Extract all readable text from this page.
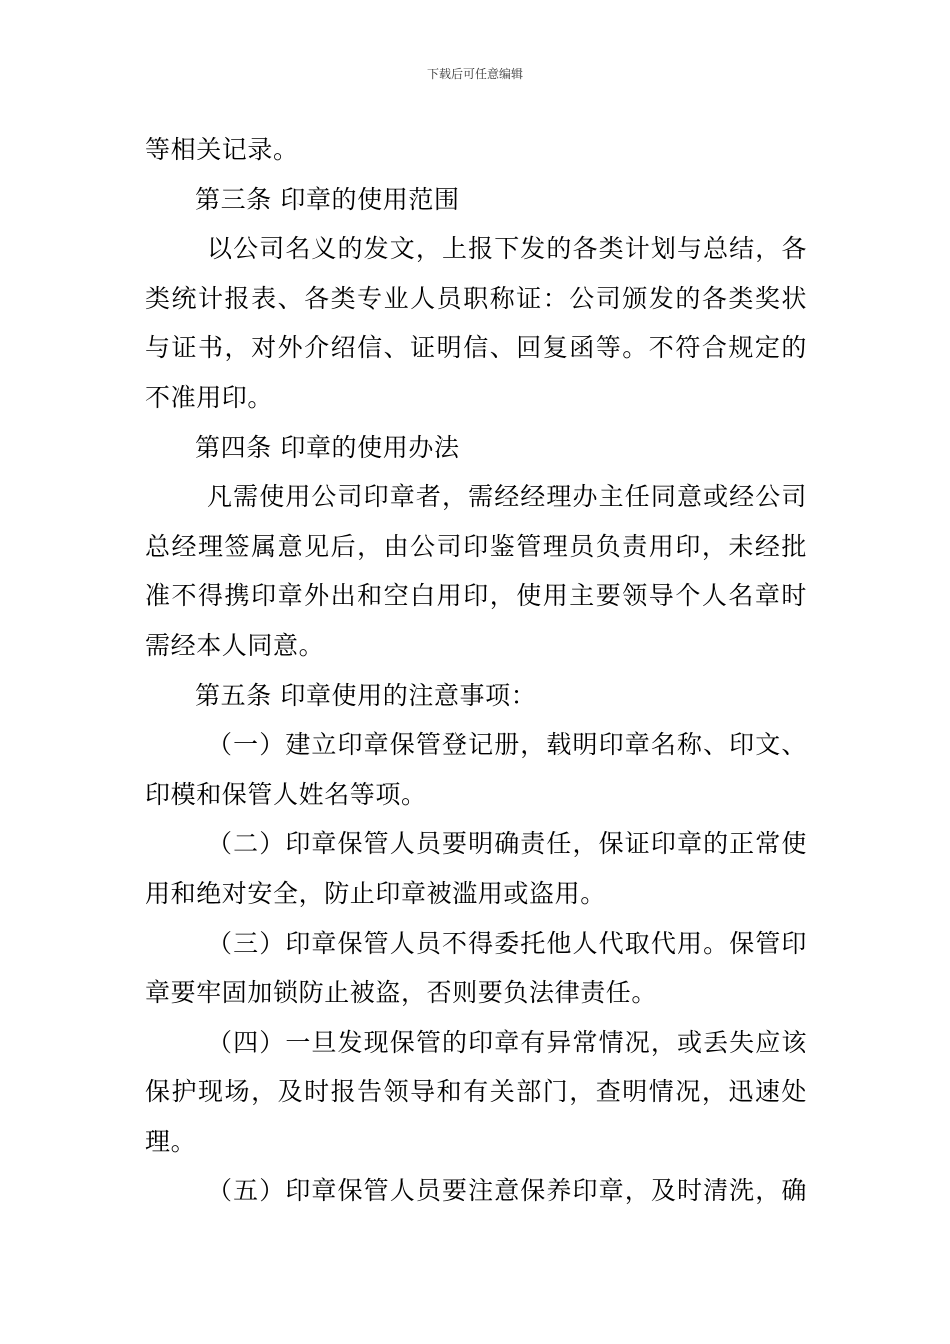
下载后可任意编辑
等相关记录。
第三条 印章的使用范围
以公司名义的发文，上报下发的各类计划与总结，各
类统计报表、各类专业人员职称证：公司颁发的各类奖状
与证书，对外介绍信、证明信、回复函等。不符合规定的
不准用印。
第四条 印章的使用办法
凡需使用公司印章者，需经经理办主任同意或经公司
总经理签属意见后，由公司印鉴管理员负责用印，未经批
准不得携印章外出和空白用印，使用主要领导个人名章时
需经本人同意。
第五条 印章使用的注意事项：
（一）建立印章保管登记册，载明印章名称、印文、
印模和保管人姓名等项。
（二）印章保管人员要明确责任，保证印章的正常使
用和绝对安全，防止印章被滥用或盗用。
（三）印章保管人员不得委托他人代取代用。保管印
章要牢固加锁防止被盗，否则要负法律责任。
（四）一旦发现保管的印章有异常情况，或丢失应该
保护现场，及时报告领导和有关部门，查明情况，迅速处
理。
（五）印章保管人员要注意保养印章，及时清洗，确
